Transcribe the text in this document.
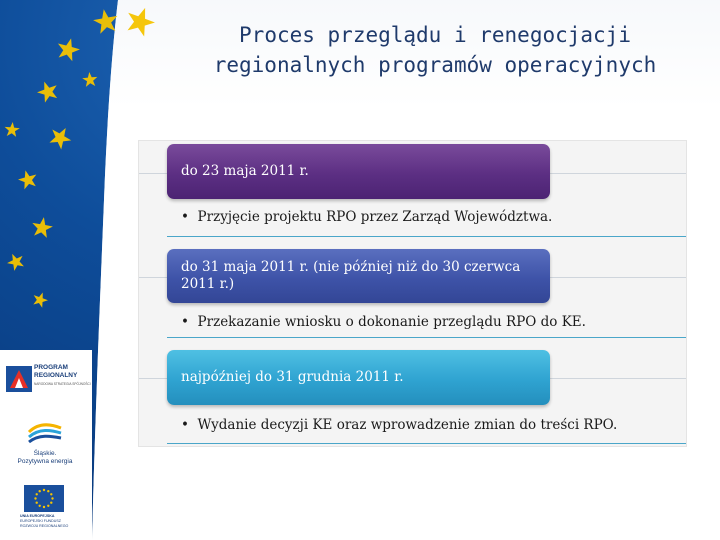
Proces przeglądu i renegocjacji
regionalnych programów operacyjnych
do 23 maja 2011 r.
•  Przyjęcie projektu RPO przez Zarząd Województwa.
do 31 maja 2011 r. (nie później niż do 30 czerwca 2011 r.)
•  Przekazanie wniosku o dokonanie przeglądu RPO do KE.
najpóźniej do 31 grudnia 2011 r.
•  Wydanie decyzji KE oraz wprowadzenie zmian do treści RPO.
PROGRAM
REGIONALNY
NARODOWA STRATEGIA SPÓJNOŚCI
Śląskie.
Pozytywna energia
UNIA EUROPEJSKA
EUROPEJSKI FUNDUSZ
ROZWOJU REGIONALNEGO
